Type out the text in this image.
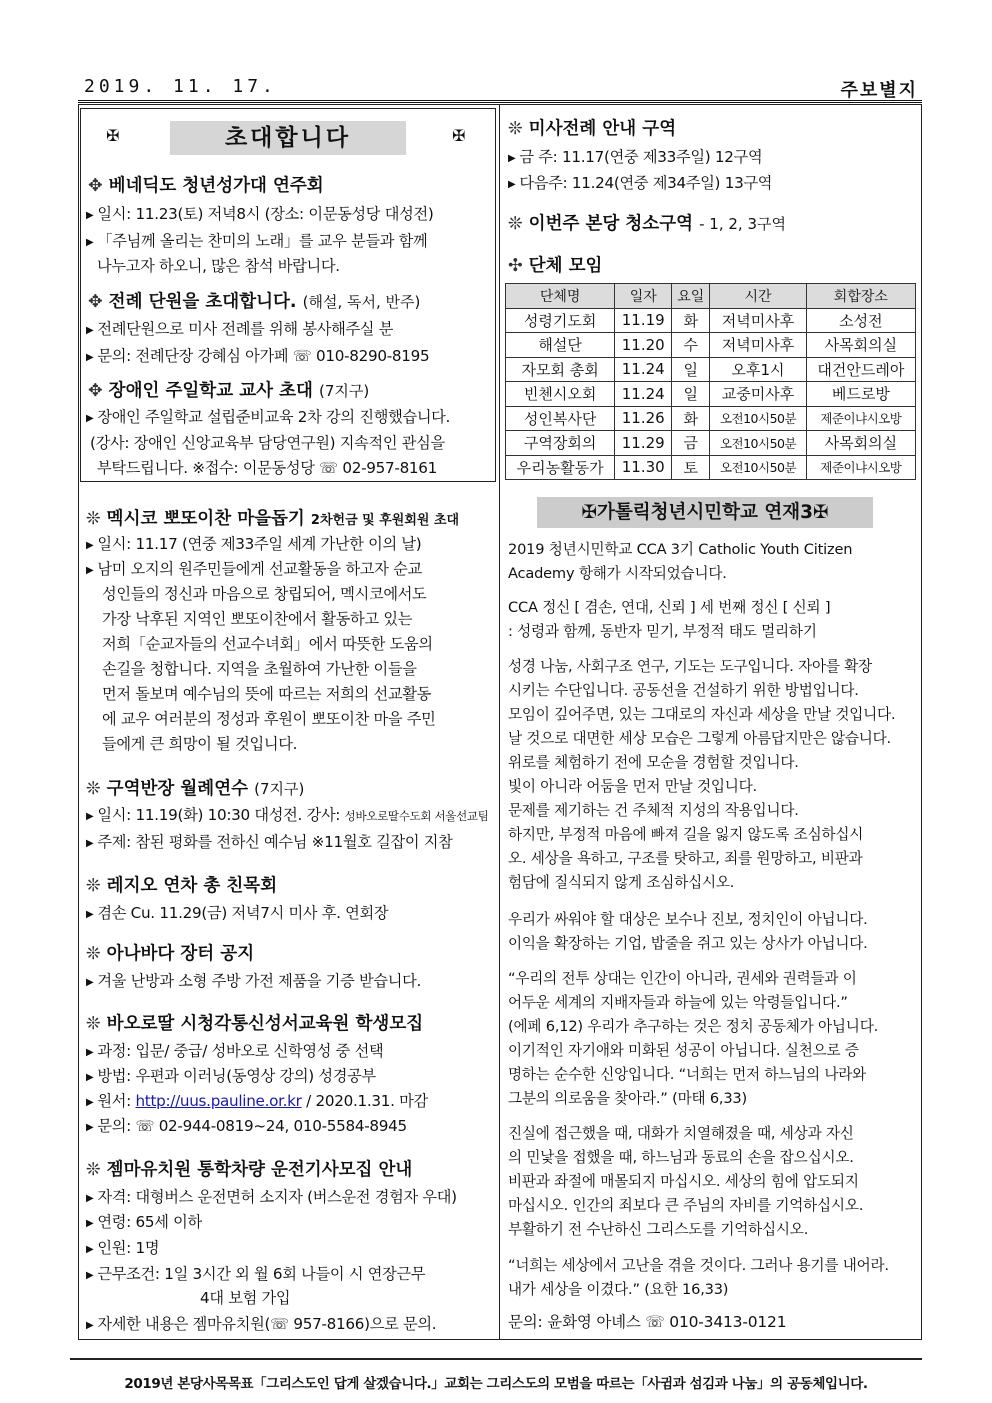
2019. 11. 17.	주보별지
✠	초대합니다	✠
✥ 베네딕도 청년성가대 연주회
▶ 일시: 11.23(토) 저녁8시 (장소: 이문동성당 대성전)
▶ 「주님께 올리는 찬미의 노래」를 교우 분들과 함께
나누고자 하오니, 많은 참석 바랍니다.
✥ 전례 단원을 초대합니다. (해설, 독서, 반주)
▶ 전례단원으로 미사 전례를 위해 봉사해주실 분
▶ 문의: 전례단장 강혜심 아가페 ☏ 010-8290-8195
✥ 장애인 주일학교 교사 초대 (7지구)
▶ 장애인 주일학교 설립준비교육 2차 강의 진행했습니다.
(강사: 장애인 신앙교육부 담당연구원) 지속적인 관심을
부탁드립니다. ※접수: 이문동성당 ☏ 02-957-8161
❊ 멕시코 뽀또이찬 마을돕기 2차헌금 및 후원회원 초대
▶ 일시: 11.17 (연중 제33주일 세계 가난한 이의 날)
▶ 남미 오지의 원주민들에게 선교활동을 하고자 순교
성인들의 정신과 마음으로 창립되어, 멕시코에서도
가장 낙후된 지역인 뽀또이찬에서 활동하고 있는
저희「순교자들의 선교수녀회」에서 따뜻한 도움의
손길을 청합니다. 지역을 초월하여 가난한 이들을
먼저 돌보며 예수님의 뜻에 따르는 저희의 선교활동
에 교우 여러분의 정성과 후원이 뽀또이찬 마을 주민
들에게 큰 희망이 될 것입니다.
❊ 구역반장 월례연수 (7지구)
▶ 일시: 11.19(화) 10:30 대성전. 강사: 성바오로딸수도회 서울선교팀
▶ 주제: 참된 평화를 전하신 예수님 ※11월호 길잡이 지참
❊ 레지오 연차 총 친목회
▶ 겸손 Cu. 11.29(금) 저녁7시 미사 후. 연회장
❊ 아나바다 장터 공지
▶ 겨울 난방과 소형 주방 가전 제품을 기증 받습니다.
❊ 바오로딸 시청각통신성서교육원 학생모집
▶ 과정: 입문/ 중급/ 성바오로 신학영성 중 선택
▶ 방법: 우편과 이러닝(동영상 강의) 성경공부
▶ 원서: http://uus.pauline.or.kr / 2020.1.31. 마감
▶ 문의: ☏ 02-944-0819~24, 010-5584-8945
❊ 젬마유치원 통학차량 운전기사모집 안내
▶ 자격: 대형버스 운전면허 소지자 (버스운전 경험자 우대)
▶ 연령: 65세 이하
▶ 인원: 1명
▶ 근무조건: 1일 3시간 외 월 6회 나들이 시 연장근무
4대 보험 가입
▶ 자세한 내용은 젬마유치원(☏ 957-8166)으로 문의.
❊ 미사전례 안내 구역
▶ 금 주: 11.17(연중 제33주일) 12구역
▶ 다음주: 11.24(연중 제34주일) 13구역
❊ 이번주 본당 청소구역 - 1, 2, 3구역
✣ 단체 모임
단체명	일자	요일	시간	회합장소
성령기도회	11.19	화	저녁미사후	소성전
해설단	11.20	수	저녁미사후	사목회의실
자모회 총회	11.24	일	오후1시	대건안드레아
빈첸시오회	11.24	일	교중미사후	베드로방
성인복사단	11.26	화	오전10시50분	제준이냐시오방
구역장회의	11.29	금	오전10시50분	사목회의실
우리농활동가	11.30	토	오전10시50분	제준이냐시오방
✠가톨릭청년시민학교 연재3✠
2019 청년시민학교 CCA 3기 Catholic Youth Citizen
Academy 항해가 시작되었습니다.
CCA 정신 [ 겸손, 연대, 신뢰 ] 세 번째 정신 [ 신뢰 ]
: 성령과 함께, 동반자 믿기, 부정적 태도 멀리하기
성경 나눔, 사회구조 연구, 기도는 도구입니다. 자아를 확장
시키는 수단입니다. 공동선을 건설하기 위한 방법입니다.
모임이 깊어주면, 있는 그대로의 자신과 세상을 만날 것입니다.
날 것으로 대면한 세상 모습은 그렇게 아름답지만은 않습니다.
위로를 체험하기 전에 모순을 경험할 것입니다.
빛이 아니라 어둠을 먼저 만날 것입니다.
문제를 제기하는 건 주체적 지성의 작용입니다.
하지만, 부정적 마음에 빠져 길을 잃지 않도록 조심하십시
오. 세상을 욕하고, 구조를 탓하고, 죄를 원망하고, 비판과
험담에 질식되지 않게 조심하십시오.
우리가 싸워야 할 대상은 보수나 진보, 정치인이 아닙니다.
이익을 확장하는 기업, 밥줄을 쥐고 있는 상사가 아닙니다.
“우리의 전투 상대는 인간이 아니라, 권세와 권력들과 이
어두운 세계의 지배자들과 하늘에 있는 악령들입니다.”
(에페 6,12) 우리가 추구하는 것은 정치 공동체가 아닙니다.
이기적인 자기애와 미화된 성공이 아닙니다. 실천으로 증
명하는 순수한 신앙입니다. “너희는 먼저 하느님의 나라와
그분의 의로움을 찾아라.” (마태 6,33)
진실에 접근했을 때, 대화가 치열해졌을 때, 세상과 자신
의 민낯을 접했을 때, 하느님과 동료의 손을 잡으십시오.
비판과 좌절에 매몰되지 마십시오. 세상의 힘에 압도되지
마십시오. 인간의 죄보다 큰 주님의 자비를 기억하십시오.
부활하기 전 수난하신 그리스도를 기억하십시오.
“너희는 세상에서 고난을 겪을 것이다. 그러나 용기를 내어라.
내가 세상을 이겼다.” (요한 16,33)
문의: 윤화영 아녜스 ☏ 010-3413-0121
2019년 본당사목목표「그리스도인 답게 살겠습니다.」교회는 그리스도의 모범을 따르는「사귐과 섬김과 나눔」의 공동체입니다.
